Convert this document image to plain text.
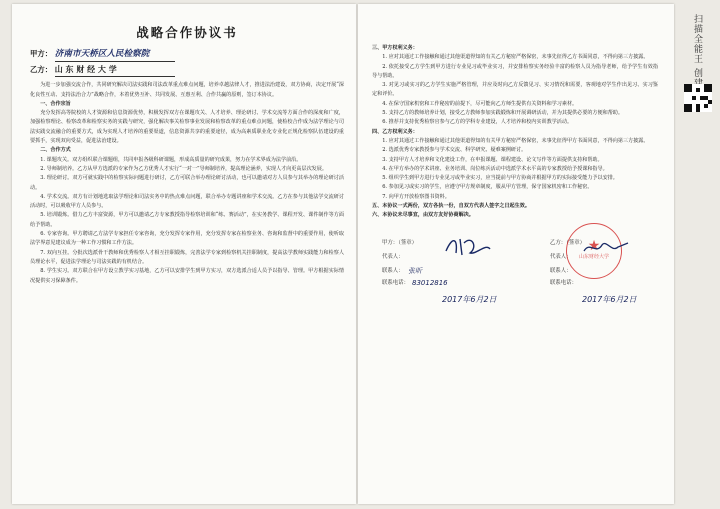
战略合作协议书
甲方： 济南市天桥区人民检察院
乙方： 山 东 财 经 大 学

为进一步加强交流合作，共同研究解决司法实践和司法改革重点难点问题，培养卓越法律人才，推进法治建设，双方协商，决定开展“深化良性互动、支持法治合力”战略合作，本着优势互补、共同发展、互惠互利、合作共赢的原则，签订本协议。

一、合作宗旨

充分发挥高等院校的人才资源和信息资源优势，积极发挥双方在课题攻关、人才培养、理论研讨、学术交流等方面合作的深度和广度，加强检察理论、检察改革和检察实务的实践与研究，强化解决事关检察事业发展和检察改革的重点难点问题，使检校合作成为法学理论与司法实践交流融合的重要方式，成为实现人才培养的重要渠道，信息资源共享的重要途径，成为高素质职业化专业化正规化检察队伍建设的重要抓手，实现双向受益，促进法治建设。

二、合作方式

1. 课题攻关。双方组织联合课题组，共同申报各级科研课题，形成高质量的研究成果，努力在学术界成为法学前沿。

2. 导师制培养。乙方从甲方选派的专家作为乙方优秀人才实行“一对一”导师制培养，提高理论涵养，实现人才向更高层次发展。

3. 理论研讨。双方可就实践中的检察实际问题进行研讨，乙方可联合举办理论研讨活动，也可以邀请对方人员参与其举办的理论研讨活动。

4. 学术交流。双方有计划地选取法学理论和司法实务中的热点难点问题，联合举办专题讲座和学术交流。乙方在参与其他法学交流研讨活动时，可以吸收甲方人员参与。

5. 培训锻炼。借力乙方丰富资源，甲方可以邀请乙方专家教授指导检察培训和“练、赛活动”，在实务教学、课程开发、课件制作等方面给予帮助。

6. 专家咨询。甲方聘请乙方法学专家担任专家咨询，充分发挥专家作用，充分发挥专家在检察业务、咨询和监督中的重要作用，使听取法学界意见建议成为一种工作习惯和工作方法。

7. 双向互挂。分批次选派骨干教师和优秀检察人才相互挂职锻炼，完善法学专家到检察机关挂职制度，提高法学教师实践能力和检察人员理论水平，促进法学理论与司法实践的有机结合。

8. 学生实习。双方联合在甲方设立教学实习基地，乙方可以安排学生到甲方实习，双方选派合适人员予以指导、管理。甲方根据实际情况提供实习保障条件。

三、甲方权利义务：

1. 应对其通过工作接触和通过其他渠道得知的有关乙方秘密严格保密，未事先征得乙方书面同意，不得向第三方披露。

2. 依托接受乙方学生到甲方进行专业见习或毕业实习，并安排检察实务经验丰富的检察人员为指导老师，给予学生有效指导与帮助。

3. 对见习或实习的乙方学生实施严格管理，并应及时向乙方反馈见习、实习情况和需要，客观地对学生作出见习、实习鉴定和评价。

4. 在保守国家机密和工作秘密的前提下，尽可能向乙方师生提供有关资料和学习素材。

5. 支持乙方的教师培养计划，接受乙方教师参加实践锻炼和开展调研活动，并为其提供必要的方便和帮助。

6. 推荐并支持优秀检察官参与乙方的学科专业建设，人才培养和校内实训教学活动。

四、乙方权利义务：

1. 应对其通过工作接触和通过其他渠道得知的有关甲方秘密严格保密，未事先征得甲方书面同意，不得向第三方披露。

2. 选派优秀专家教授参与学术交流、科学研究、疑难案例研讨。

3. 支持甲方人才培养和文化建设工作，在申报课题、课程建设、论文写作等方面提供支持和帮助。

4. 在甲方举办的学术讲座、业务培训、岗位练兵活动中选派学术水平高的专家教授给予授课和指导。

5. 组织学生到甲方进行专业见习或毕业实习，应当提前与甲方协商并根据甲方的实际接受能力予以安排。

6. 参加见习或实习的学生，应遵守甲方规章制度，服从甲方管理，保守国家机密和工作秘密。

7. 向甲方开放检察图书资料。

五、本协议一式两份，双方各执一份，自双方代表人签字之日起生效。

六、本协议未尽事宜，由双方友好协商解决。

甲方：（签章）	乙方：（签章）
代表人：	代表人：
联系人： 张昕	联系人：
联系电话： 83012816	联系电话：
2017年6月2日	2017年6月2日
★
山东财经大学
扫描全能王 创建
